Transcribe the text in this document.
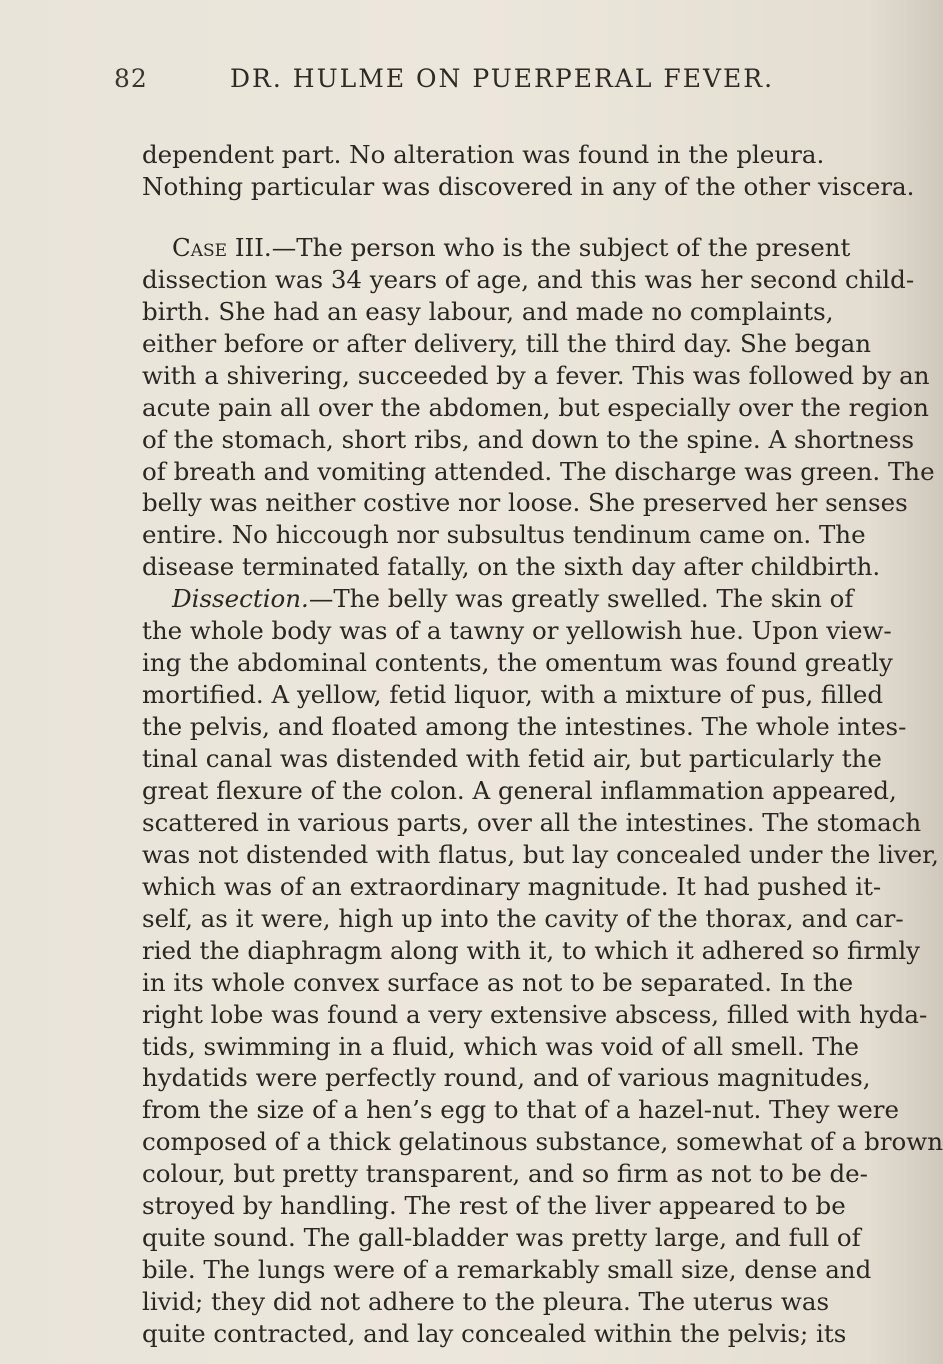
82	DR. HULME ON PUERPERAL FEVER.
dependent part. No alteration was found in the pleura.
Nothing particular was discovered in any of the other viscera.
Case III.—The person who is the subject of the present
dissection was 34 years of age, and this was her second child-
birth. She had an easy labour, and made no complaints,
either before or after delivery, till the third day. She began
with a shivering, succeeded by a fever. This was followed by an
acute pain all over the abdomen, but especially over the region
of the stomach, short ribs, and down to the spine. A shortness
of breath and vomiting attended. The discharge was green. The
belly was neither costive nor loose. She preserved her senses
entire. No hiccough nor subsultus tendinum came on. The
disease terminated fatally, on the sixth day after childbirth.
Dissection.—The belly was greatly swelled. The skin of
the whole body was of a tawny or yellowish hue. Upon view-
ing the abdominal contents, the omentum was found greatly
mortified. A yellow, fetid liquor, with a mixture of pus, filled
the pelvis, and floated among the intestines. The whole intes-
tinal canal was distended with fetid air, but particularly the
great flexure of the colon. A general inflammation appeared,
scattered in various parts, over all the intestines. The stomach
was not distended with flatus, but lay concealed under the liver,
which was of an extraordinary magnitude. It had pushed it-
self, as it were, high up into the cavity of the thorax, and car-
ried the diaphragm along with it, to which it adhered so firmly
in its whole convex surface as not to be separated. In the
right lobe was found a very extensive abscess, filled with hyda-
tids, swimming in a fluid, which was void of all smell. The
hydatids were perfectly round, and of various magnitudes,
from the size of a hen’s egg to that of a hazel-nut. They were
composed of a thick gelatinous substance, somewhat of a brown
colour, but pretty transparent, and so firm as not to be de-
stroyed by handling. The rest of the liver appeared to be
quite sound. The gall-bladder was pretty large, and full of
bile. The lungs were of a remarkably small size, dense and
livid; they did not adhere to the pleura. The uterus was
quite contracted, and lay concealed within the pelvis; its
